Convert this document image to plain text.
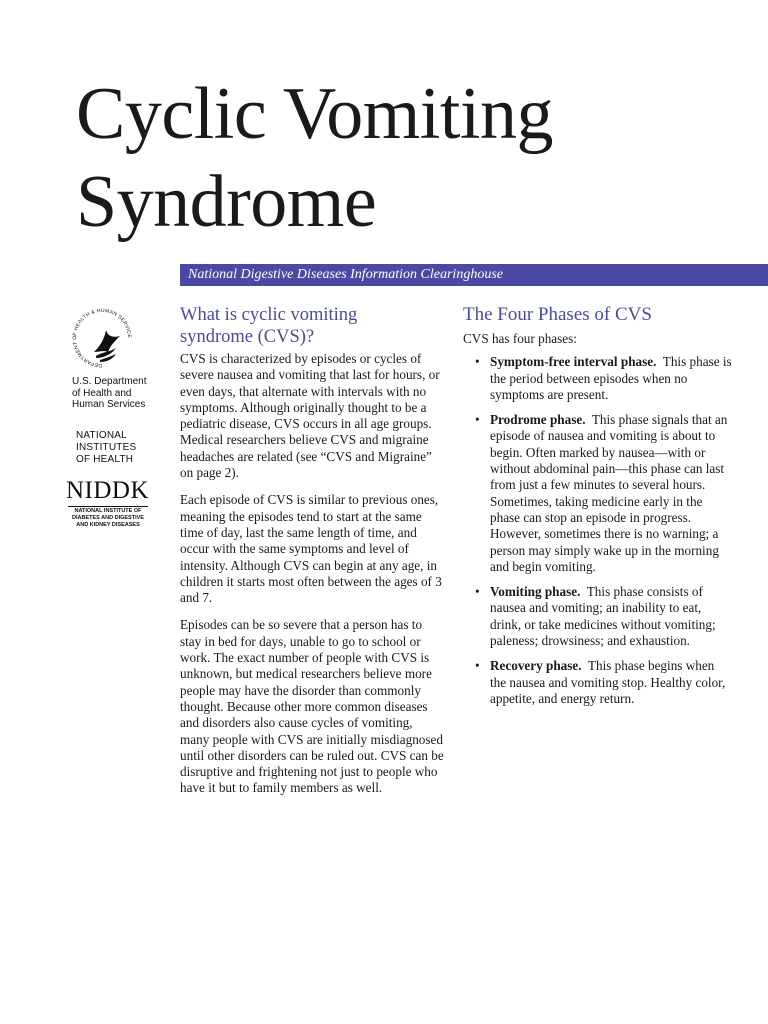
Cyclic Vomiting
Syndrome
National Digestive Diseases Information Clearinghouse
DEPARTMENT OF HEALTH & HUMAN SERVICE
U.S. Department
of Health and
Human Services
NATIONAL
INSTITUTES
OF HEALTH
NIDDK
NATIONAL INSTITUTE OF
DIABETES AND DIGESTIVE
AND KIDNEY DISEASES
What is cyclic vomiting
syndrome (CVS)?

CVS is characterized by episodes or cycles of severe nausea and vomiting that last for hours, or even days, that alternate with intervals with no symptoms. Although originally thought to be a pediatric disease, CVS occurs in all age groups. Medical researchers believe CVS and migraine headaches are related (see “CVS and Migraine” on page 2).

Each episode of CVS is similar to previous ones, meaning the episodes tend to start at the same time of day, last the same length of time, and occur with the same symptoms and level of intensity. Although CVS can begin at any age, in children it starts most often between the ages of 3 and 7.

Episodes can be so severe that a person has to stay in bed for days, unable to go to school or work. The exact number of people with CVS is unknown, but medical researchers believe more people may have the disorder than commonly thought. Because other more common diseases and disorders also cause cycles of vomiting, many people with CVS are initially misdiagnosed until other disorders can be ruled out. CVS can be disruptive and frightening not just to people who have it but to family members as well.

The Four Phases of CVS

CVS has four phases:

• Symptom-free interval phase. This phase is the period between episodes when no symptoms are present.
• Prodrome phase. This phase signals that an episode of nausea and vomiting is about to begin. Often marked by nausea—with or without abdominal pain—this phase can last from just a few minutes to several hours. Sometimes, taking medicine early in the phase can stop an episode in progress. However, sometimes there is no warning; a person may simply wake up in the morning and begin vomiting.
• Vomiting phase. This phase consists of nausea and vomiting; an inability to eat, drink, or take medicines without vomiting; paleness; drowsiness; and exhaustion.
• Recovery phase. This phase begins when the nausea and vomiting stop. Healthy color, appetite, and energy return.
